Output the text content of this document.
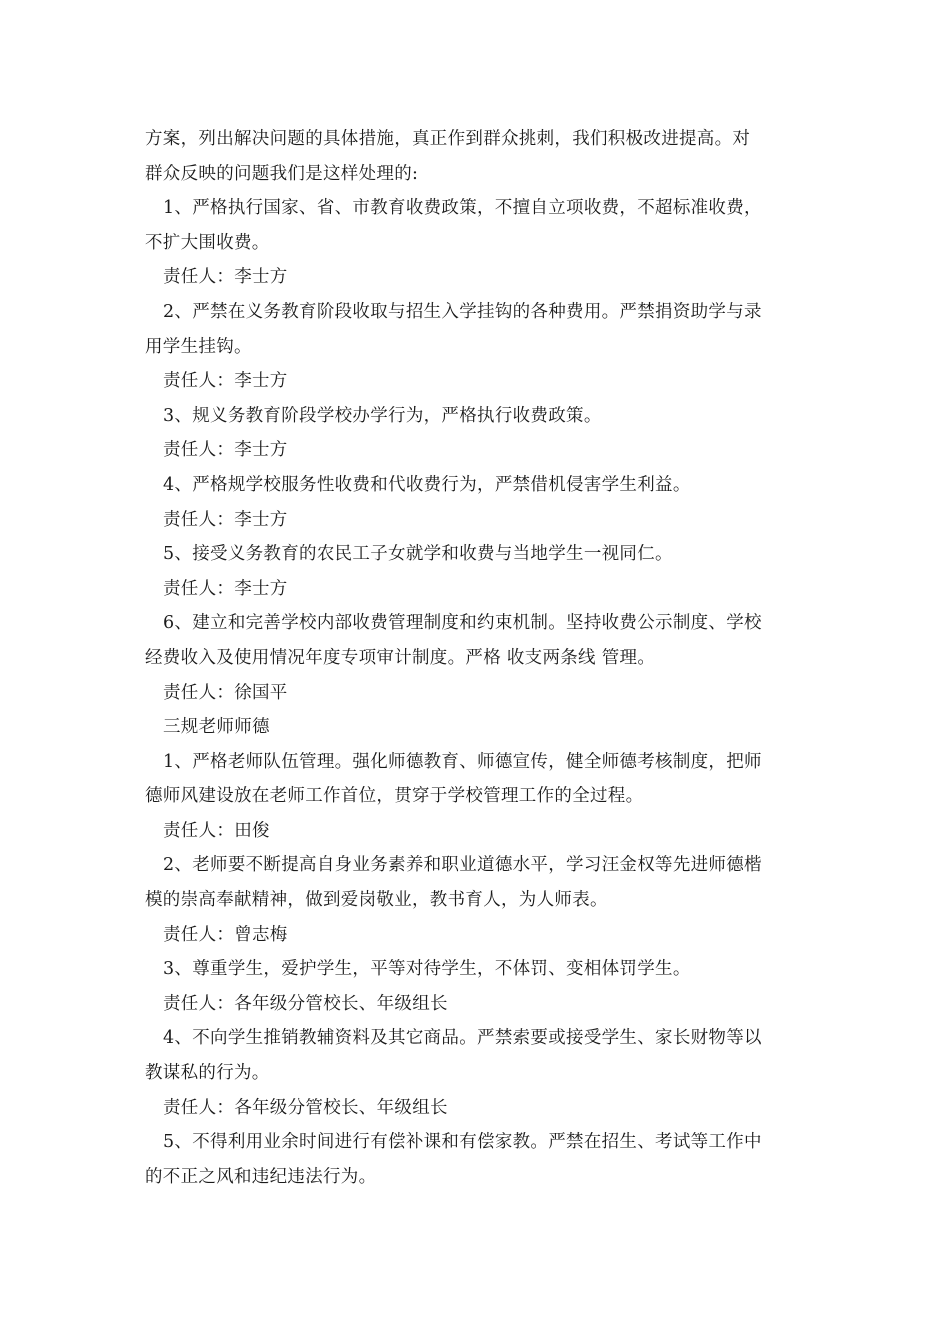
方案，列出解决问题的具体措施，真正作到群众挑刺，我们积极改进提高。对

群众反映的问题我们是这样处理的:

1、严格执行国家、省、市教育收费政策，不擅自立项收费，不超标准收费，

不扩大围收费。

责任人：李士方

2、严禁在义务教育阶段收取与招生入学挂钩的各种费用。严禁捐资助学与录

用学生挂钩。

责任人：李士方

3、规义务教育阶段学校办学行为，严格执行收费政策。

责任人：李士方

4、严格规学校服务性收费和代收费行为，严禁借机侵害学生利益。

责任人：李士方

5、接受义务教育的农民工子女就学和收费与当地学生一视同仁。

责任人：李士方

6、建立和完善学校内部收费管理制度和约束机制。坚持收费公示制度、学校

经费收入及使用情况年度专项审计制度。严格 收支两条线 管理。

责任人：徐国平

三规老师师德

1、严格老师队伍管理。强化师德教育、师德宣传，健全师德考核制度，把师

德师风建设放在老师工作首位，贯穿于学校管理工作的全过程。

责任人：田俊

2、老师要不断提高自身业务素养和职业道德水平，学习汪金权等先进师德楷

模的崇高奉献精神，做到爱岗敬业，教书育人，为人师表。

责任人：曾志梅

3、尊重学生，爱护学生，平等对待学生，不体罚、变相体罚学生。

责任人：各年级分管校长、年级组长

4、不向学生推销教辅资料及其它商品。严禁索要或接受学生、家长财物等以

教谋私的行为。

责任人：各年级分管校长、年级组长

5、不得利用业余时间进行有偿补课和有偿家教。严禁在招生、考试等工作中

的不正之风和违纪违法行为。
